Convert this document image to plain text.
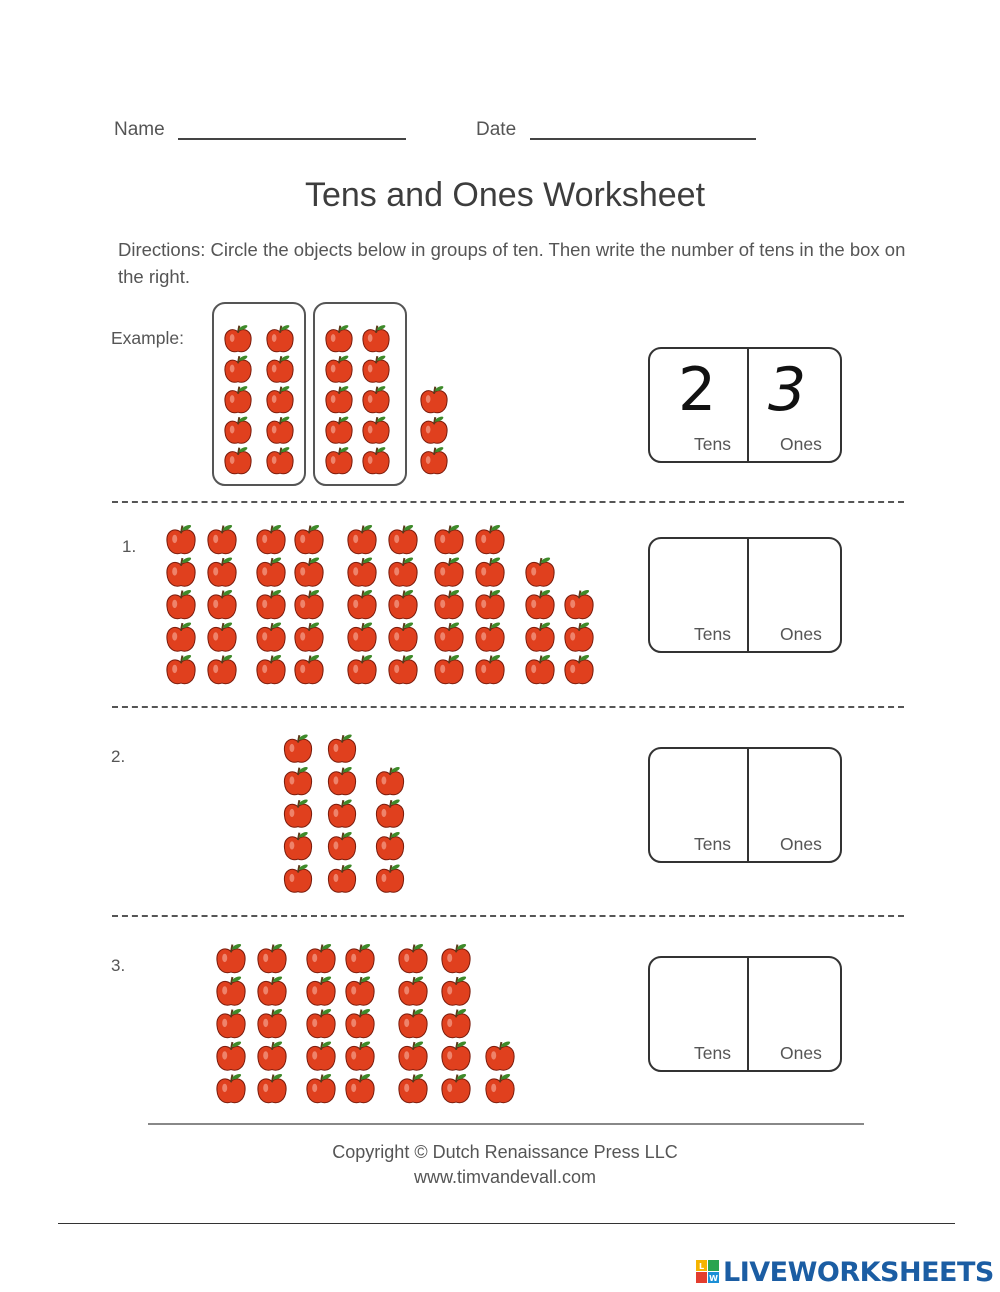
Name	Date
Tens and Ones Worksheet
Directions: Circle the objects below in groups of ten. Then write the number of tens in the box on the right.
Example:
2 3
Tens	Ones
1.
Tens	Ones
2.
Tens	Ones
3.
Tens	Ones
Copyright © Dutch Renaissance Press LLC
www.timvandevall.com
L
W LIVEWORKSHEETS
